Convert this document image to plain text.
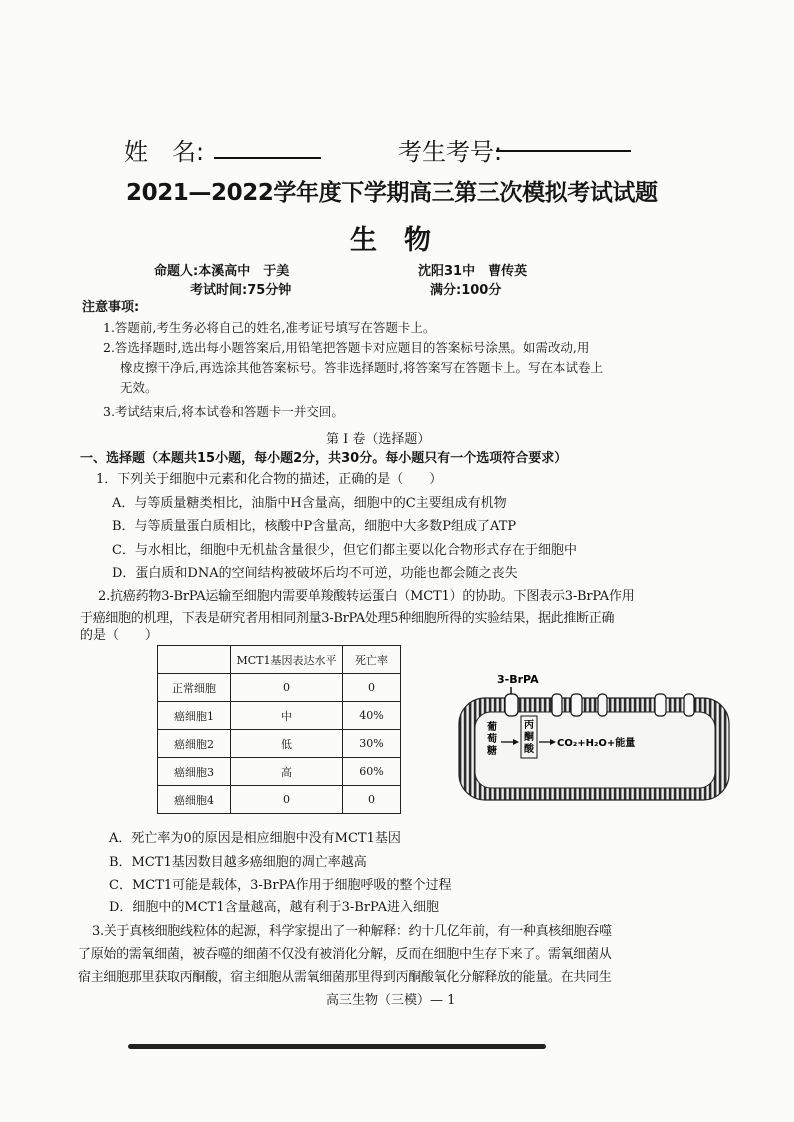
姓　名:	考生考号:
2021—2022学年度下学期高三第三次模拟考试试题
生　物
命题人:本溪高中　于美	沈阳31中　曹传英
考试时间:75分钟	满分:100分
注意事项:
1.答题前,考生务必将自己的姓名,准考证号填写在答题卡上。
2.答选择题时,选出每小题答案后,用铅笔把答题卡对应题目的答案标号涂黑。如需改动,用
橡皮擦干净后,再选涂其他答案标号。答非选择题时,将答案写在答题卡上。写在本试卷上
无效。
3.考试结束后,将本试卷和答题卡一并交回。
第 I 卷（选择题）
一、选择题（本题共15小题，每小题2分，共30分。每小题只有一个选项符合要求）
1．下列关于细胞中元素和化合物的描述，正确的是（　　）
A．与等质量糖类相比，油脂中H含量高，细胞中的C主要组成有机物
B．与等质量蛋白质相比，核酸中P含量高，细胞中大多数P组成了ATP
C．与水相比，细胞中无机盐含量很少，但它们都主要以化合物形式存在于细胞中
D．蛋白质和DNA的空间结构被破坏后均不可逆，功能也都会随之丧失
2.抗癌药物3-BrPA运输至细胞内需要单羧酸转运蛋白（MCT1）的协助。下图表示3-BrPA作用
于癌细胞的机理，下表是研究者用相同剂量3-BrPA处理5种细胞所得的实验结果，据此推断正确
的是（　　）
	MCT1基因表达水平	死亡率
正常细胞	0	0
癌细胞1	中	40%
癌细胞2	低	30%
癌细胞3	高	60%
癌细胞4	0	0
3-BrPA
葡 萄 糖
丙 酮 酸
CO₂+H₂O+能量
A．死亡率为0的原因是相应细胞中没有MCT1基因
B．MCT1基因数目越多癌细胞的凋亡率越高
C．MCT1可能是载体，3-BrPA作用于细胞呼吸的整个过程
D．细胞中的MCT1含量越高，越有利于3-BrPA进入细胞
3.关于真核细胞线粒体的起源，科学家提出了一种解释：约十几亿年前，有一种真核细胞吞噬
了原始的需氧细菌，被吞噬的细菌不仅没有被消化分解，反而在细胞中生存下来了。需氧细菌从
宿主细胞那里获取丙酮酸，宿主细胞从需氧细菌那里得到丙酮酸氧化分解释放的能量。在共同生
高三生物（三模）— 1
